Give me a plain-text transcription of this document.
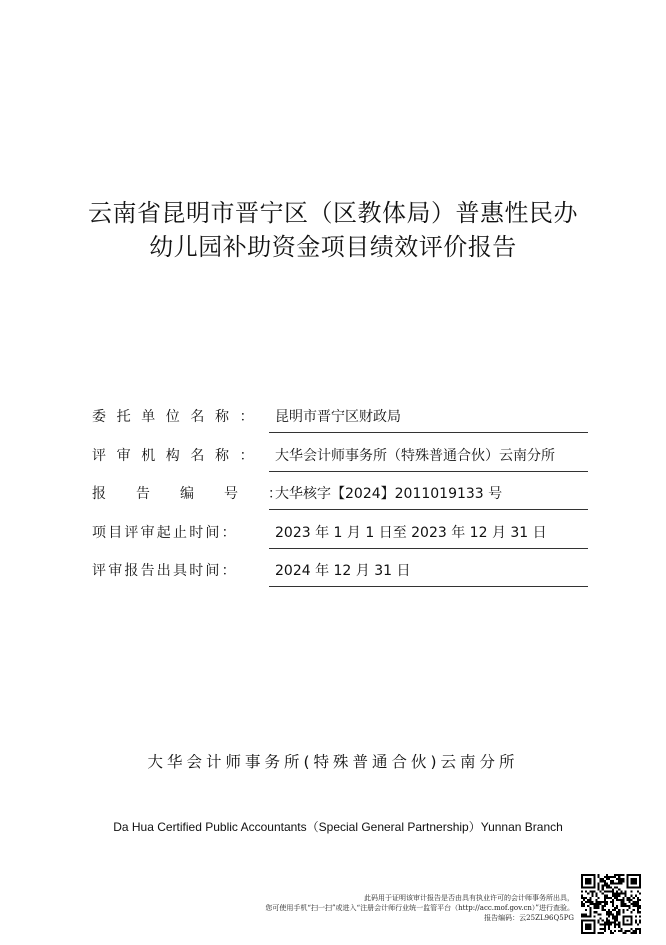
云南省昆明市晋宁区（区教体局）普惠性民办
幼儿园补助资金项目绩效评价报告
委托单位名称： 昆明市晋宁区财政局
评审机构名称： 大华会计师事务所（特殊普通合伙）云南分所
报告编号：
大华核字【2024】2011019133 号
项目评审起止时间：	2023 年 1 月 1 日至 2023 年 12 月 31 日
评审报告出具时间：	2024 年 12 月 31 日
大华会计师事务所(特殊普通合伙)云南分所
Da Hua Certified Public Accountants（Special General Partnership）Yunnan Branch
此码用于证明该审计报告是否由具有执业许可的会计师事务所出具，
您可使用手机“扫一扫”或进入“注册会计师行业统一监管平台（http://acc.mof.gov.cn）”进行查验。
报告编码：云25ZL96Q5PG
